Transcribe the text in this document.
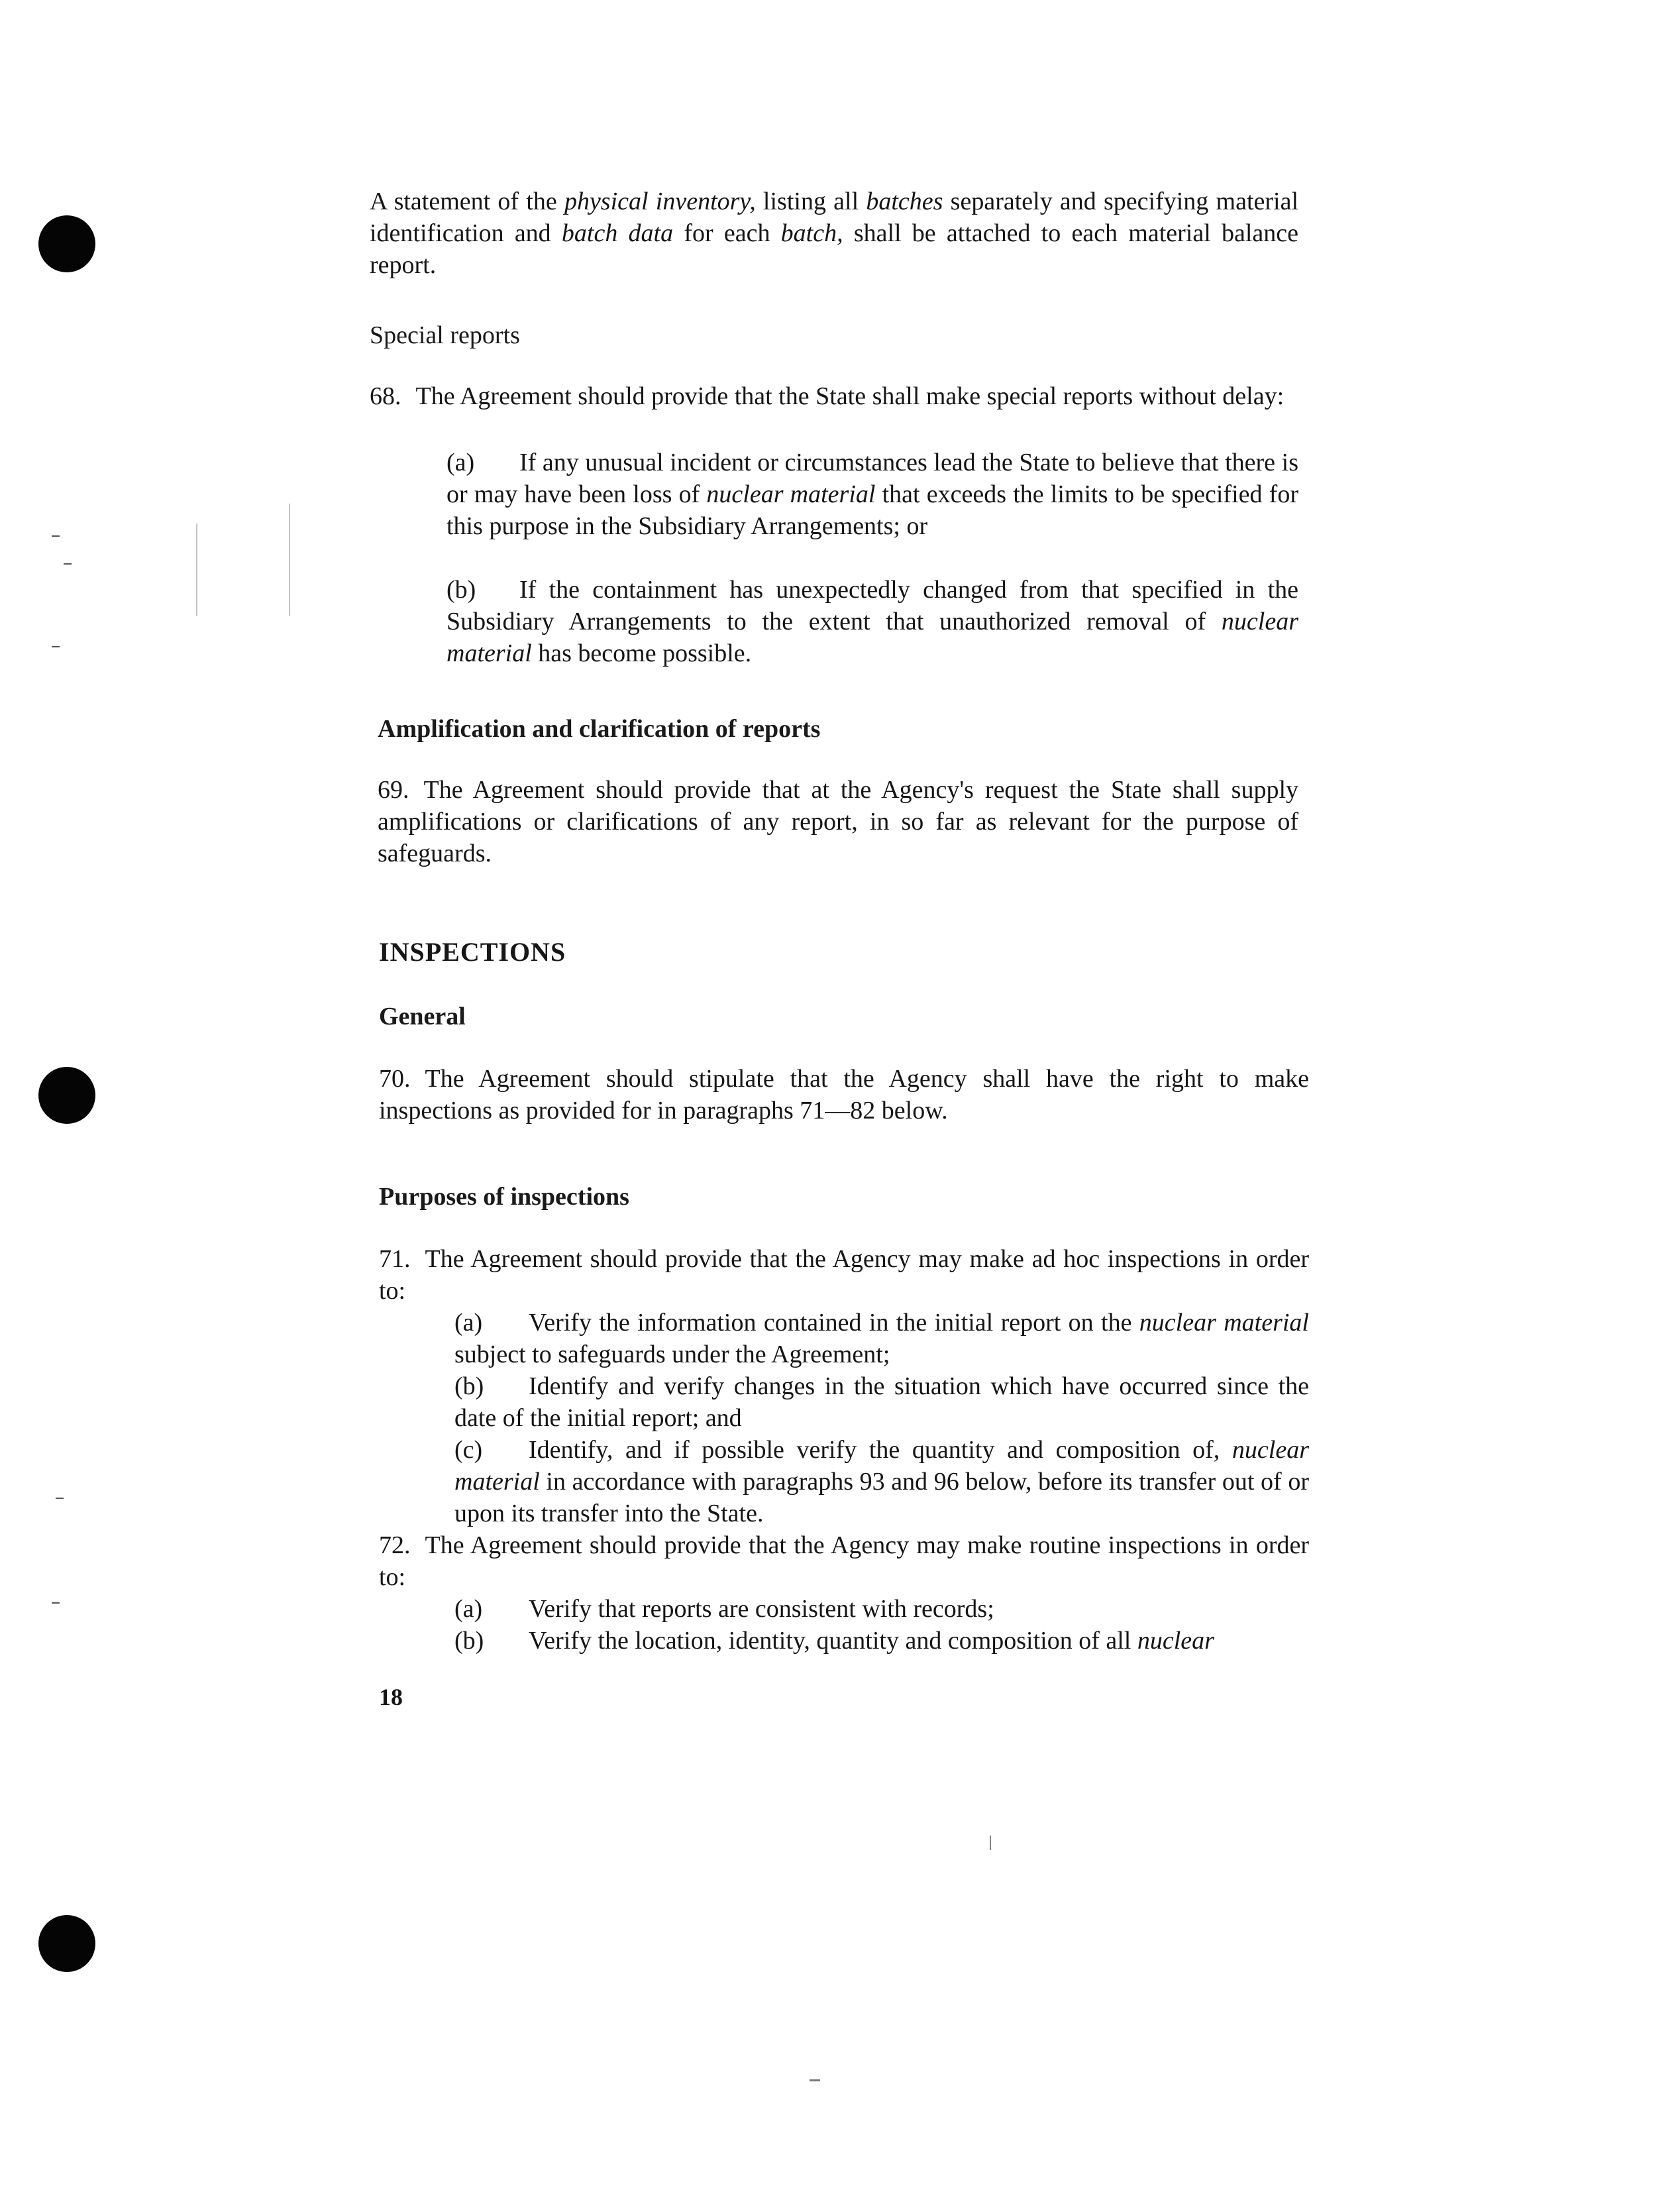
A statement of the physical inventory, listing all batches separately and specifying material identification and batch data for each batch, shall be attached to each material balance report.
Special reports
68. The Agreement should provide that the State shall make special reports without delay:
(a) If any unusual incident or circumstances lead the State to believe that there is or may have been loss of nuclear material that exceeds the limits to be specified for this purpose in the Subsidiary Arrangements; or
(b) If the containment has unexpectedly changed from that specified in the Subsidiary Arrangements to the extent that unauthorized removal of nuclear material has become possible.
Amplification and clarification of reports
69. The Agreement should provide that at the Agency's request the State shall supply amplifications or clarifications of any report, in so far as relevant for the purpose of safeguards.
INSPECTIONS
General
70. The Agreement should stipulate that the Agency shall have the right to make inspections as provided for in paragraphs 71—82 below.
Purposes of inspections
71. The Agreement should provide that the Agency may make ad hoc inspections in order to:
(a) Verify the information contained in the initial report on the nuclear material subject to safeguards under the Agreement;
(b) Identify and verify changes in the situation which have occurred since the date of the initial report; and
(c) Identify, and if possible verify the quantity and composition of, nuclear material in accordance with paragraphs 93 and 96 below, before its transfer out of or upon its transfer into the State.
72. The Agreement should provide that the Agency may make routine inspections in order to:
(a) Verify that reports are consistent with records;
(b) Verify the location, identity, quantity and composition of all nuclear
18
